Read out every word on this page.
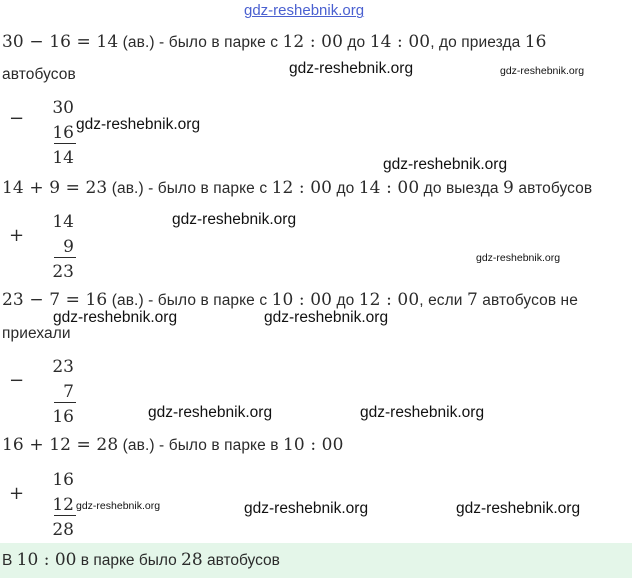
gdz-reshebnik.org
30 − 16 = 14 (ав.) - было в парке с 12 : 00 до 14 : 00, до приезда 16
автобусов
− 30
16
14
14 + 9 = 23 (ав.) - было в парке с 12 : 00 до 14 : 00 до выезда 9 автобусов
+
14
9
23
23 − 7 = 16 (ав.) - было в парке с 10 : 00 до 12 : 00, если 7 автобусов не
приехали
−
23
7
16
16 + 12 = 28 (ав.) - было в парке в 10 : 00
+
16
12
28
В 10 : 00 в парке было 28 автобусов
gdz-reshebnik.org	gdz-reshebnik.org
gdz-reshebnik.org
gdz-reshebnik.org
gdz-reshebnik.org
gdz-reshebnik.org
gdz-reshebnik.org	gdz-reshebnik.org
gdz-reshebnik.org	gdz-reshebnik.org
gdz-reshebnik.org	gdz-reshebnik.org	gdz-reshebnik.org
